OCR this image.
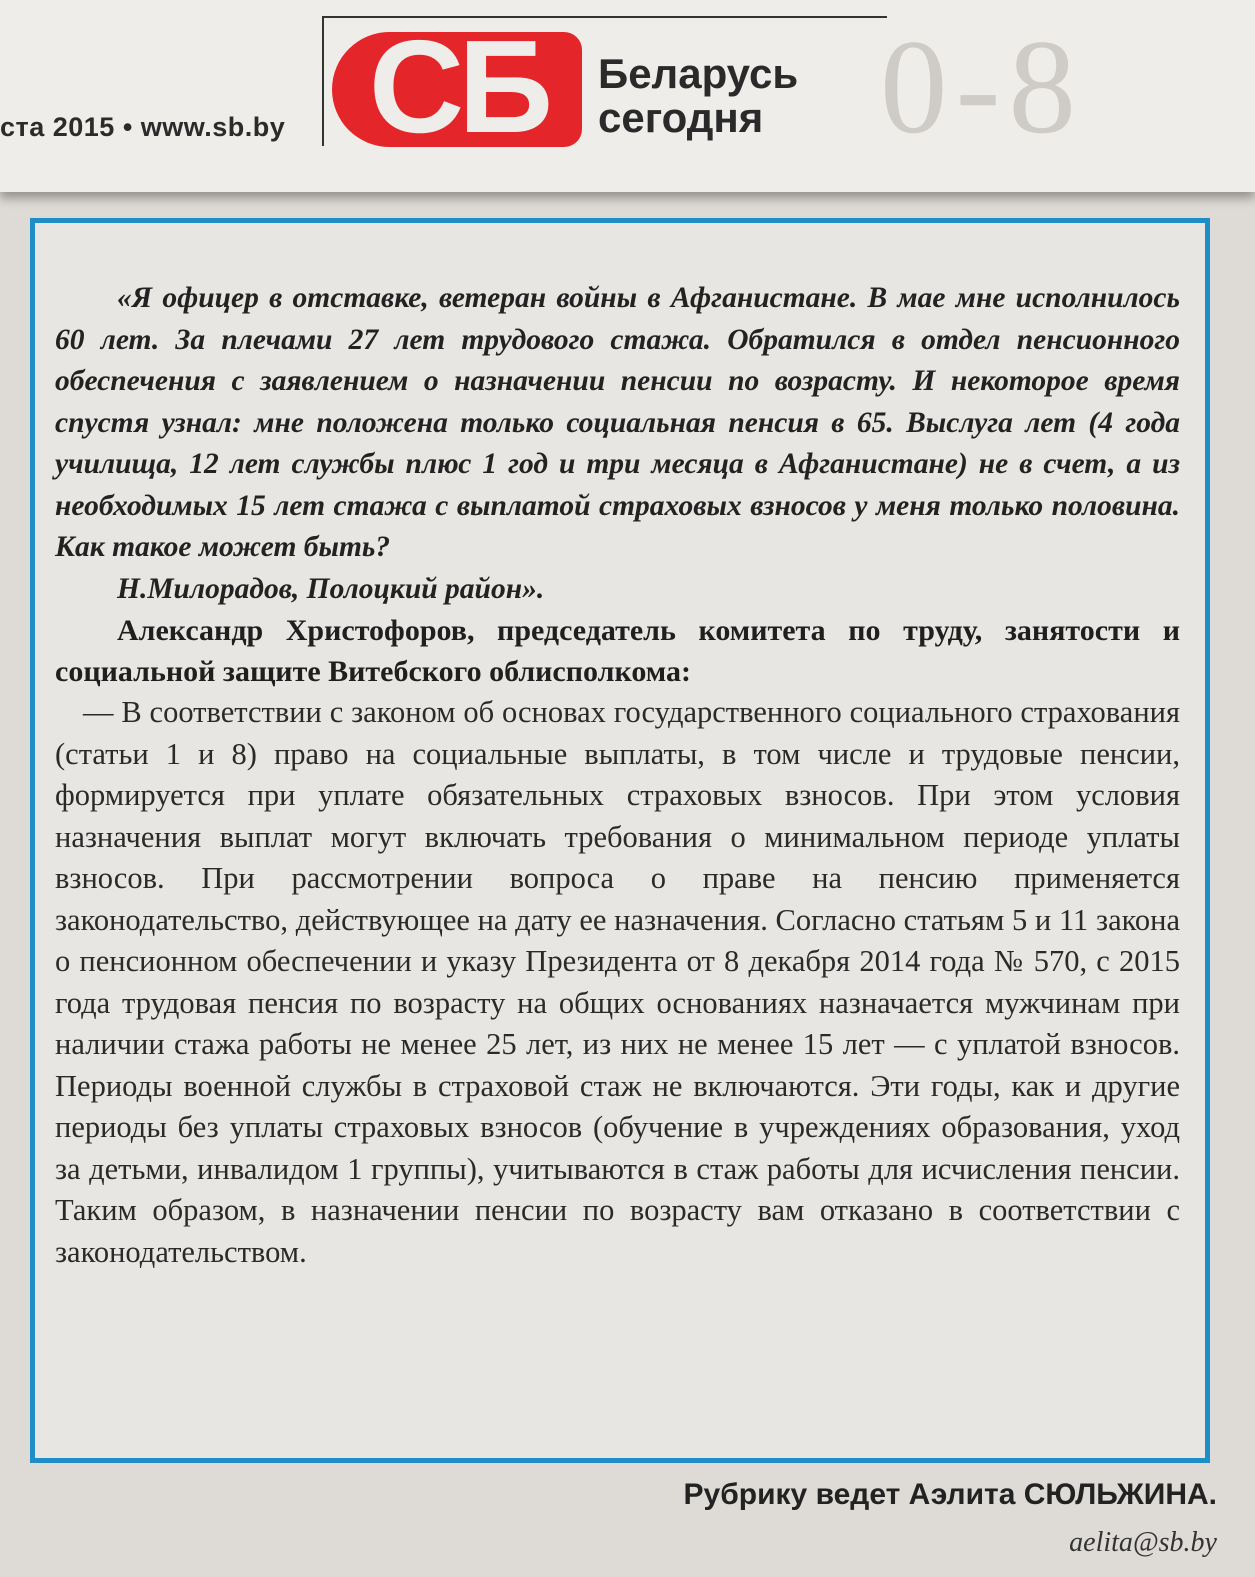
0-8
ста 2015 • www.sb.by СБ	Беларусь
сегодня

«Я офицер в отставке, ветеран войны в Афганистане. В мае мне исполнилось 60 лет. За плечами 27 лет трудового стажа. Обратился в отдел пенсионного обеспечения с заявлением о назначении пенсии по возрасту. И некоторое время спустя узнал: мне положена только социальная пенсия в 65. Выслуга лет (4 года училища, 12 лет службы плюс 1 год и три месяца в Афганистане) не в счет, а из необходимых 15 лет стажа с выплатой страховых взносов у меня только половина. Как такое может быть?

Н.Милорадов, Полоцкий район».

Александр Христофоров, председатель комитета по труду, занятости и социальной защите Витебского облисполкома:

— В соответствии с законом об основах государственного социального страхования (статьи 1 и 8) право на социальные выплаты, в том числе и трудовые пенсии, формируется при уплате обязательных страховых взносов. При этом условия назначения выплат могут включать требования о минимальном периоде уплаты взносов. При рассмотрении вопроса о праве на пенсию применяется законодательство, действующее на дату ее назначения. Согласно статьям 5 и 11 закона о пенсионном обеспечении и указу Президента от 8 декабря 2014 года № 570, с 2015 года трудовая пенсия по возрасту на общих основаниях назначается мужчинам при наличии стажа работы не менее 25 лет, из них не менее 15 лет — с уплатой взносов. Периоды военной службы в страховой стаж не включаются. Эти годы, как и другие периоды без уплаты страховых взносов (обучение в учреждениях образования, уход за детьми, инвалидом 1 группы), учитываются в стаж работы для исчисления пенсии. Таким образом, в назначении пенсии по возрасту вам отказано в соответствии с законодательством.

Рубрику ведет Аэлита СЮЛЬЖИНА.
aelita@sb.by
